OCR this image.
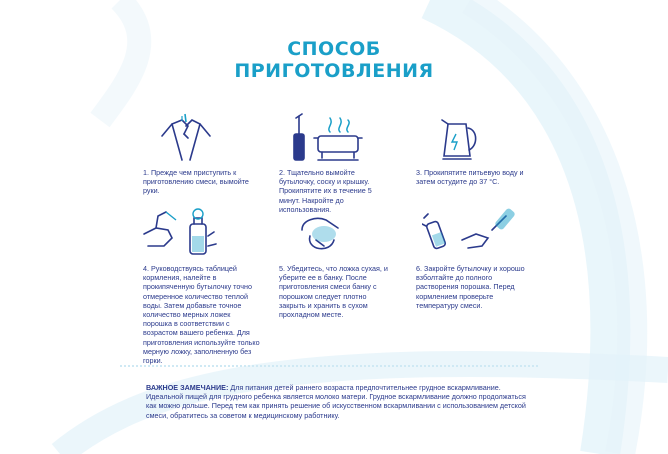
СПОСОБ
ПРИГОТОВЛЕНИЯ
1. Прежде чем приступить к приготовлению смеси, вымойте руки.
2. Тщательно вымойте бутылочку, соску и крышку. Прокипятите их в течение 5 минут. Накройте до использования.
3. Прокипятите питьевую воду и затем остудите до 37 °С.
4. Руководствуясь таблицей кормления, налейте в прокипяченную бутылочку точно отмеренное количество теплой воды. Затем добавьте точное количество мерных ложек порошка в соответствии с возрастом вашего ребенка. Для приготовления используйте только мерную ложку, заполненную без горки.
5. Убедитесь, что ложка сухая, и уберите ее в банку. После приготовления смеси банку с порошком следует плотно закрыть и хранить в сухом прохладном месте.
6. Закройте бутылочку и хорошо взболтайте до полного растворения порошка. Перед кормлением проверьте температуру смеси.
ВАЖНОЕ ЗАМЕЧАНИЕ: Для питания детей раннего возраста предпочтительнее грудное вскармливание. Идеальной пищей для грудного ребенка является молоко матери. Грудное вскармливание должно продолжаться как можно дольше. Перед тем как принять решение об искусственном вскармливании с использованием детской смеси, обратитесь за советом к медицинскому работнику.
